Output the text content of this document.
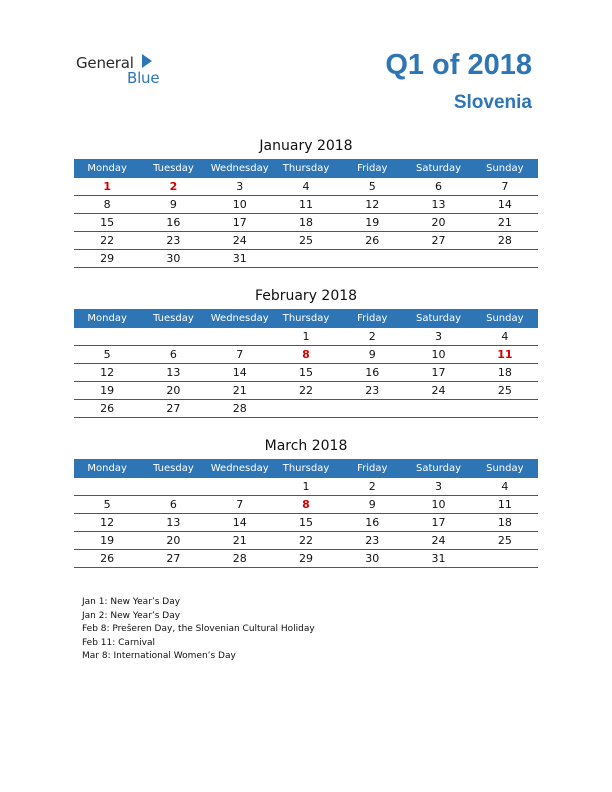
General
Blue	Q1 of 2018
Slovenia
January 2018
Monday	Tuesday	Wednesday	Thursday	Friday	Saturday	Sunday
1	2	3	4	5	6	7
8	9	10	11	12	13	14
15	16	17	18	19	20	21
22	23	24	25	26	27	28
29	30	31				
February 2018
Monday	Tuesday	Wednesday	Thursday	Friday	Saturday	Sunday
			1	2	3	4
5	6	7	8	9	10	11
12	13	14	15	16	17	18
19	20	21	22	23	24	25
26	27	28				
March 2018
Monday	Tuesday	Wednesday	Thursday	Friday	Saturday	Sunday
			1	2	3	4
5	6	7	8	9	10	11
12	13	14	15	16	17	18
19	20	21	22	23	24	25
26	27	28	29	30	31	
Jan 1: New Year’s Day
Jan 2: New Year’s Day
Feb 8: Prešeren Day, the Slovenian Cultural Holiday
Feb 11: Carnival
Mar 8: International Women’s Day
